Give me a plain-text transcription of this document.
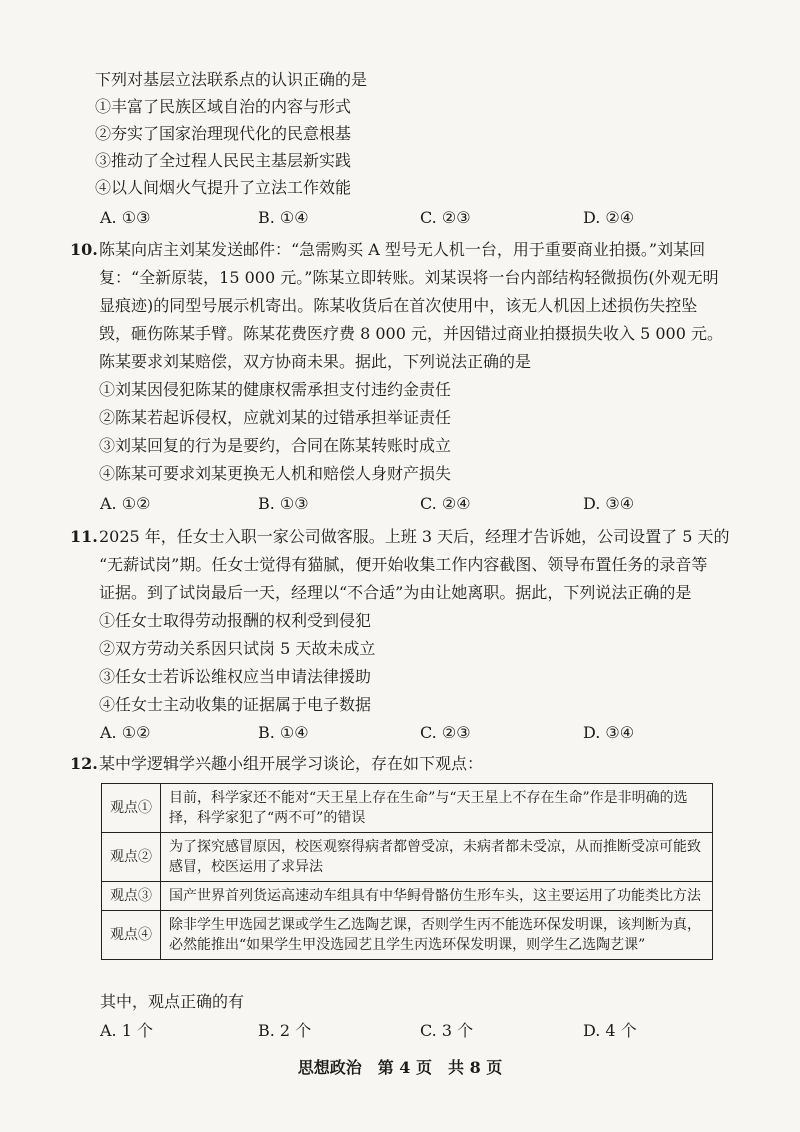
下列对基层立法联系点的认识正确的是
①丰富了民族区域自治的内容与形式
②夯实了国家治理现代化的民意根基
③推动了全过程人民民主基层新实践
④以人间烟火气提升了立法工作效能
A. ①③	B. ①④	C. ②③	D. ②④
10. 陈某向店主刘某发送邮件：“急需购买 A 型号无人机一台，用于重要商业拍摄。”刘某回
复：“全新原装，15 000 元。”陈某立即转账。刘某误将一台内部结构轻微损伤(外观无明
显痕迹)的同型号展示机寄出。陈某收货后在首次使用中，该无人机因上述损伤失控坠
毁，砸伤陈某手臂。陈某花费医疗费 8 000 元，并因错过商业拍摄损失收入 5 000 元。
陈某要求刘某赔偿，双方协商未果。据此，下列说法正确的是
①刘某因侵犯陈某的健康权需承担支付违约金责任
②陈某若起诉侵权，应就刘某的过错承担举证责任
③刘某回复的行为是要约，合同在陈某转账时成立
④陈某可要求刘某更换无人机和赔偿人身财产损失
A. ①②	B. ①③	C. ②④	D. ③④
11. 2025 年，任女士入职一家公司做客服。上班 3 天后，经理才告诉她，公司设置了 5 天的
“无薪试岗”期。任女士觉得有猫腻，便开始收集工作内容截图、领导布置任务的录音等
证据。到了试岗最后一天，经理以“不合适”为由让她离职。据此，下列说法正确的是
①任女士取得劳动报酬的权利受到侵犯
②双方劳动关系因只试岗 5 天故未成立
③任女士若诉讼维权应当申请法律援助
④任女士主动收集的证据属于电子数据
A. ①②	B. ①④	C. ②③	D. ③④
12. 某中学逻辑学兴趣小组开展学习谈论，存在如下观点：
观点①	目前，科学家还不能对“天王星上存在生命”与“天王星上不存在生命”作是非明确的选择，科学家犯了“两不可”的错误
观点②	为了探究感冒原因，校医观察得病者都曾受凉，未病者都未受凉，从而推断受凉可能致感冒，校医运用了求异法
观点③	国产世界首列货运高速动车组具有中华鲟骨骼仿生形车头，这主要运用了功能类比方法
观点④	除非学生甲选园艺课或学生乙选陶艺课，否则学生丙不能选环保发明课，该判断为真，必然能推出“如果学生甲没选园艺且学生丙选环保发明课，则学生乙选陶艺课”
其中，观点正确的有
A. 1 个	B. 2 个	C. 3 个	D. 4 个
思想政治　第 4 页　共 8 页
